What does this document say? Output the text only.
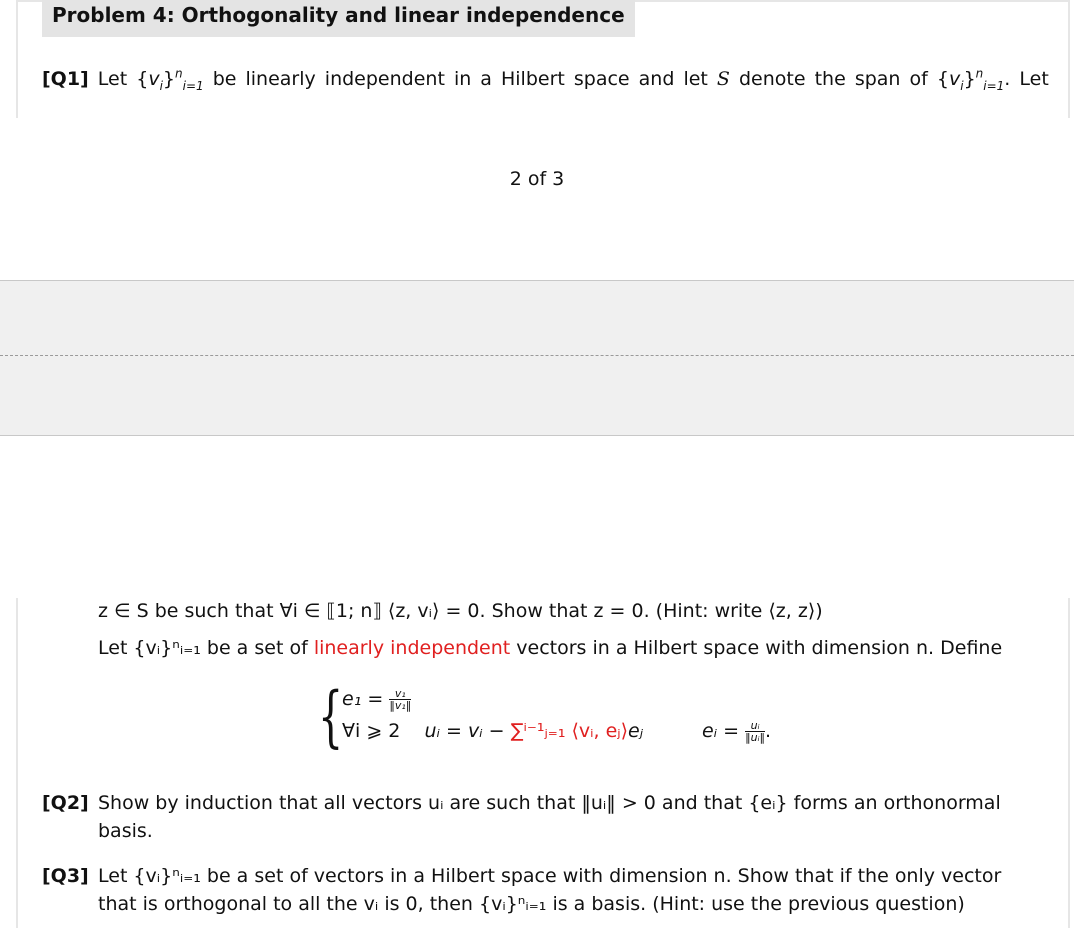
Problem 4: Orthogonality and linear independence
[Q1] Let $\{v_i\}^n_{i=1}$ be linearly independent in a Hilbert space and let S denote the span of $\{v_i\}^n_{i=1}$. Let
2 of 3
z ∈ S be such that ∀i ∈ ⟦1; n⟧ ⟨z, vᵢ⟩ = 0. Show that z = 0. (Hint: write ⟨z, z⟩)
Let {vᵢ}ⁿᵢ₌₁ be a set of linearly independent vectors in a Hilbert space with dimension n. Define
{
$e_1 = \frac{\text{v₁}}{\text{‖v₁‖}}$
∀i ⩾ 2 uᵢ = vᵢ − ∑ⁱ⁻¹ⱼ₌₁ ⟨vᵢ, eⱼ⟩eⱼ	eᵢ = $\frac{\text{uᵢ}}{\text{‖uᵢ‖}}$ .
[Q2] Show by induction that all vectors uᵢ are such that ‖uᵢ‖ > 0 and that {eᵢ} forms an orthonormal
basis.
[Q3] Let {vᵢ}ⁿᵢ₌₁ be a set of vectors in a Hilbert space with dimension n. Show that if the only vector
that is orthogonal to all the vᵢ is 0, then {vᵢ}ⁿᵢ₌₁ is a basis. (Hint: use the previous question)
